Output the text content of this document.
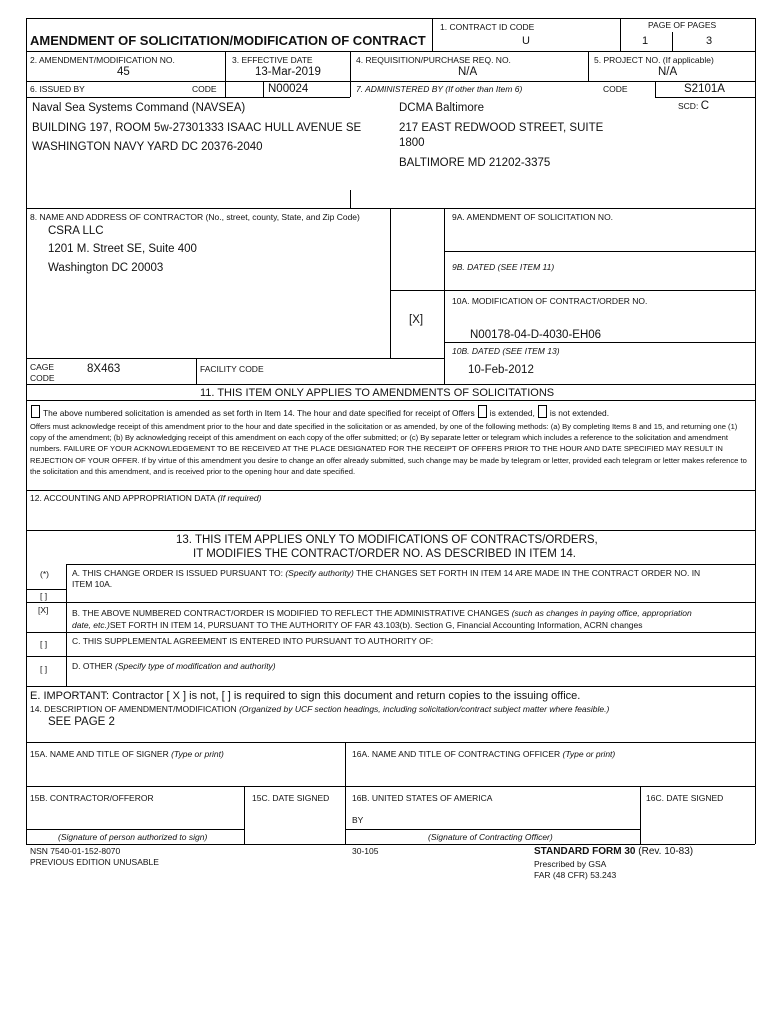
AMENDMENT OF SOLICITATION/MODIFICATION OF CONTRACT
1. CONTRACT ID CODE
U
PAGE OF PAGES
1	3
2. AMENDMENT/MODIFICATION NO.
45
3. EFFECTIVE DATE
13-Mar-2019
4. REQUISITION/PURCHASE REQ. NO.
N/A
5. PROJECT NO. (If applicable)
N/A
6. ISSUED BY	CODE	N00024	7. ADMINISTERED BY (If other than Item 6)	CODE	S2101A
SCD: C
Naval Sea Systems Command (NAVSEA)
BUILDING 197, ROOM 5w-27301333 ISAAC HULL AVENUE SE
WASHINGTON NAVY YARD DC 20376-2040
DCMA Baltimore
217 EAST REDWOOD STREET, SUITE
1800
BALTIMORE MD 21202-3375
8. NAME AND ADDRESS OF CONTRACTOR (No., street, county, State, and Zip Code)
CSRA LLC
1201 M. Street SE, Suite 400
Washington DC 20003
9A. AMENDMENT OF SOLICITATION NO.
9B. DATED (SEE ITEM 11)
10A. MODIFICATION OF CONTRACT/ORDER NO.
[X]
N00178-04-D-4030-EH06
10B. DATED (SEE ITEM 13)
10-Feb-2012
CAGE
CODE
8X463	FACILITY CODE
11. THIS ITEM ONLY APPLIES TO AMENDMENTS OF SOLICITATIONS
The above numbered solicitation is amended as set forth in Item 14. The hour and date specified for receipt of Offers is extended, is not extended.
Offers must acknowledge receipt of this amendment prior to the hour and date specified in the solicitation or as amended, by one of the following methods: (a) By completing Items 8 and 15, and returning one (1) copy of the amendment; (b) By acknowledging receipt of this amendment on each copy of the offer submitted; or (c) By separate letter or telegram which includes a reference to the solicitation and amendment numbers. FAILURE OF YOUR ACKNOWLEDGEMENT TO BE RECEIVED AT THE PLACE DESIGNATED FOR THE RECEIPT OF OFFERS PRIOR TO THE HOUR AND DATE SPECIFIED MAY RESULT IN REJECTION OF YOUR OFFER. If by virtue of this amendment you desire to change an offer already submitted, such change may be made by telegram or letter, provided each telegram or letter makes reference to the solicitation and this amendment, and is received prior to the opening hour and date specified.
12. ACCOUNTING AND APPROPRIATION DATA (If required)
13. THIS ITEM APPLIES ONLY TO MODIFICATIONS OF CONTRACTS/ORDERS,
IT MODIFIES THE CONTRACT/ORDER NO. AS DESCRIBED IN ITEM 14.
(*)
[ ]
A. THIS CHANGE ORDER IS ISSUED PURSUANT TO: (Specify authority) THE CHANGES SET FORTH IN ITEM 14 ARE MADE IN THE CONTRACT ORDER NO. IN
ITEM 10A.
[X]	B. THE ABOVE NUMBERED CONTRACT/ORDER IS MODIFIED TO REFLECT THE ADMINISTRATIVE CHANGES (such as changes in paying office, appropriation
date, etc.)SET FORTH IN ITEM 14, PURSUANT TO THE AUTHORITY OF FAR 43.103(b). Section G, Financial Accounting Information, ACRN changes
[ ]	C. THIS SUPPLEMENTAL AGREEMENT IS ENTERED INTO PURSUANT TO AUTHORITY OF:
[ ]	D. OTHER (Specify type of modification and authority)
E. IMPORTANT: Contractor [ X ] is not, [ ] is required to sign this document and return copies to the issuing office.
14. DESCRIPTION OF AMENDMENT/MODIFICATION (Organized by UCF section headings, including solicitation/contract subject matter where feasible.)
SEE PAGE 2
15A. NAME AND TITLE OF SIGNER (Type or print)	16A. NAME AND TITLE OF CONTRACTING OFFICER (Type or print)
15B. CONTRACTOR/OFFEROR	15C. DATE SIGNED	16B. UNITED STATES OF AMERICA	16C. DATE SIGNED
BY
(Signature of person authorized to sign)	(Signature of Contracting Officer)
NSN 7540-01-152-8070
PREVIOUS EDITION UNUSABLE
30-105	STANDARD FORM 30 (Rev. 10-83)
Prescribed by GSA
FAR (48 CFR) 53.243
